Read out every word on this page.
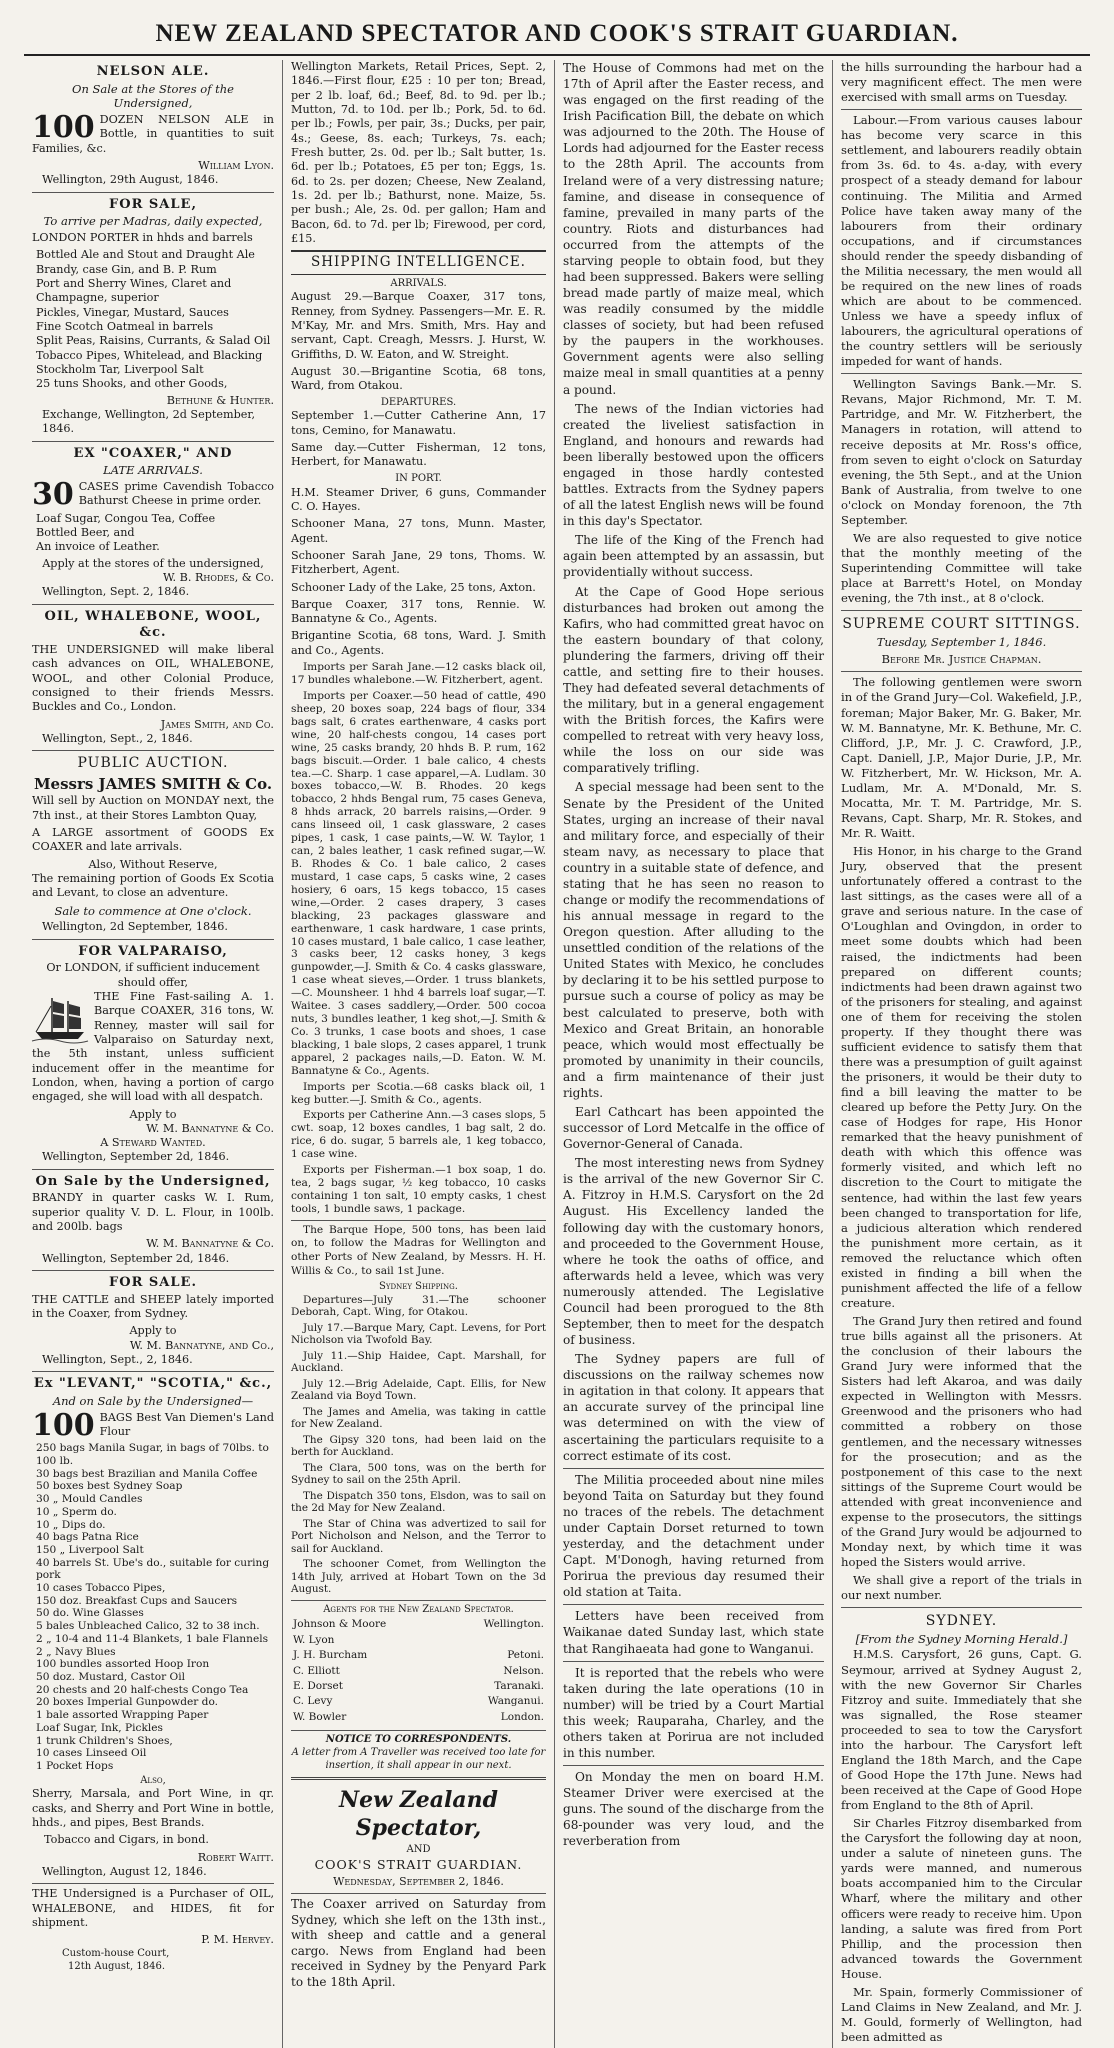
NEW ZEALAND SPECTATOR AND COOK'S STRAIT GUARDIAN.
NELSON ALE.
On Sale at the Stores of the Undersigned,
100 DOZEN NELSON ALE in Bottle, in quantities to suit Families, &c.

William Lyon.
Wellington, 29th August, 1846.
FOR SALE,
To arrive per Madras, daily expected,

LONDON PORTER in hhds and barrels

Bottled Ale and Stout and Draught Ale
Brandy, case Gin, and B. P. Rum
Port and Sherry Wines, Claret and Champagne, superior
Pickles, Vinegar, Mustard, Sauces
Fine Scotch Oatmeal in barrels
Split Peas, Raisins, Currants, & Salad Oil
Tobacco Pipes, Whitelead, and Blacking
Stockholm Tar, Liverpool Salt
25 tuns Shooks, and other Goods,
Bethune & Hunter.
Exchange, Wellington, 2d September, 1846.
EX "COAXER," AND
LATE ARRIVALS.
30 CASES prime Cavendish Tobacco Bathurst Cheese in prime order.

Loaf Sugar, Congou Tea, Coffee
Bottled Beer, and
An invoice of Leather.
Apply at the stores of the undersigned,
W. B. Rhodes, & Co.
Wellington, Sept. 2, 1846.
OIL, WHALEBONE, WOOL, &c.

THE UNDERSIGNED will make liberal cash advances on OIL, WHALEBONE, WOOL, and other Colonial Produce, consigned to their friends Messrs. Buckles and Co., London.

James Smith, and Co.
Wellington, Sept., 2, 1846.
PUBLIC AUCTION.
Messrs JAMES SMITH & Co.

Will sell by Auction on MONDAY next, the 7th inst., at their Stores Lambton Quay,

A LARGE assortment of GOODS Ex COAXER and late arrivals.

Also, Without Reserve,

The remaining portion of Goods Ex Scotia and Levant, to close an adventure.

Sale to commence at One o'clock.
Wellington, 2d September, 1846.
FOR VALPARAISO,
Or LONDON, if sufficient inducement should offer,

THE Fine Fast-sailing A. 1. Barque COAXER, 316 tons, W. Renney, master will sail for Valparaiso on Saturday next, the 5th instant, unless sufficient inducement offer in the meantime for London, when, having a portion of cargo engaged, she will load with all despatch.

Apply to
W. M. Bannatyne & Co.
A Steward Wanted.
Wellington, September 2d, 1846.
On Sale by the Undersigned,

BRANDY in quarter casks W. I. Rum, superior quality V. D. L. Flour, in 100lb. and 200lb. bags

W. M. Bannatyne & Co.
Wellington, September 2d, 1846.
FOR SALE.

THE CATTLE and SHEEP lately imported in the Coaxer, from Sydney.

Apply to
W. M. Bannatyne, and Co.,
Wellington, Sept., 2, 1846.
Ex "LEVANT," "SCOTIA," &c.,
And on Sale by the Undersigned—
100 BAGS Best Van Diemen's Land Flour

250 bags Manila Sugar, in bags of 70lbs. to 100 lb.
30 bags best Brazilian and Manila Coffee
50 boxes best Sydney Soap
30 „ Mould Candles
10 „ Sperm do.
10 „ Dips do.
40 bags Patna Rice
150 „ Liverpool Salt
40 barrels St. Ube's do., suitable for curing pork
10 cases Tobacco Pipes,
150 doz. Breakfast Cups and Saucers
50 do. Wine Glasses
5 bales Unbleached Calico, 32 to 38 inch.
2 „ 10-4 and 11-4 Blankets, 1 bale Flannels
2 „ Navy Blues
100 bundles assorted Hoop Iron
50 doz. Mustard, Castor Oil
20 chests and 20 half-chests Congo Tea
20 boxes Imperial Gunpowder do.
1 bale assorted Wrapping Paper
Loaf Sugar, Ink, Pickles
1 trunk Children's Shoes,
10 cases Linseed Oil
1 Pocket Hops
Also,

Sherry, Marsala, and Port Wine, in qr. casks, and Sherry and Port Wine in bottle, hhds., and pipes, Best Brands.

Tobacco and Cigars, in bond.

Robert Waitt.
Wellington, August 12, 1846.

THE Undersigned is a Purchaser of OIL, WHALEBONE, and HIDES, fit for shipment.

P. M. Hervey.
Custom-house Court,
12th August, 1846.

Wellington Markets, Retail Prices, Sept. 2, 1846.—First flour, £25 : 10 per ton; Bread, per 2 lb. loaf, 6d.; Beef, 8d. to 9d. per lb.; Mutton, 7d. to 10d. per lb.; Pork, 5d. to 6d. per lb.; Fowls, per pair, 3s.; Ducks, per pair, 4s.; Geese, 8s. each; Turkeys, 7s. each; Fresh butter, 2s. 0d. per lb.; Salt butter, 1s. 6d. per lb.; Potatoes, £5 per ton; Eggs, 1s. 6d. to 2s. per dozen; Cheese, New Zealand, 1s. 2d. per lb.; Bathurst, none. Maize, 5s. per bush.; Ale, 2s. 0d. per gallon; Ham and Bacon, 6d. to 7d. per lb; Firewood, per cord, £15.

SHIPPING INTELLIGENCE.
ARRIVALS.

August 29.—Barque Coaxer, 317 tons, Renney, from Sydney. Passengers—Mr. E. R. M'Kay, Mr. and Mrs. Smith, Mrs. Hay and servant, Capt. Creagh, Messrs. J. Hurst, W. Griffiths, D. W. Eaton, and W. Streight.

August 30.—Brigantine Scotia, 68 tons, Ward, from Otakou.

DEPARTURES.

September 1.—Cutter Catherine Ann, 17 tons, Cemino, for Manawatu.

Same day.—Cutter Fisherman, 12 tons, Herbert, for Manawatu.

IN PORT.

H.M. Steamer Driver, 6 guns, Commander C. O. Hayes.

Schooner Mana, 27 tons, Munn. Master, Agent.

Schooner Sarah Jane, 29 tons, Thoms. W. Fitzherbert, Agent.

Schooner Lady of the Lake, 25 tons, Axton.

Barque Coaxer, 317 tons, Rennie. W. Bannatyne & Co., Agents.

Brigantine Scotia, 68 tons, Ward. J. Smith and Co., Agents.

Imports per Sarah Jane.—12 casks black oil, 17 bundles whalebone.—W. Fitzherbert, agent.

Imports per Coaxer.—50 head of cattle, 490 sheep, 20 boxes soap, 224 bags of flour, 334 bags salt, 6 crates earthenware, 4 casks port wine, 20 half-chests congou, 14 cases port wine, 25 casks brandy, 20 hhds B. P. rum, 162 bags biscuit.—Order. 1 bale calico, 4 chests tea.—C. Sharp. 1 case apparel,—A. Ludlam. 30 boxes tobacco,—W. B. Rhodes. 20 kegs tobacco, 2 hhds Bengal rum, 75 cases Geneva, 8 hhds arrack, 20 barrels raisins,—Order. 9 cans linseed oil, 1 cask glassware, 2 cases pipes, 1 cask, 1 case paints,—W. W. Taylor, 1 can, 2 bales leather, 1 cask refined sugar,—W. B. Rhodes & Co. 1 bale calico, 2 cases mustard, 1 case caps, 5 casks wine, 2 cases hosiery, 6 oars, 15 kegs tobacco, 15 cases wine,—Order. 2 cases drapery, 3 cases blacking, 23 packages glassware and earthenware, 1 cask hardware, 1 case prints, 10 cases mustard, 1 bale calico, 1 case leather, 3 casks beer, 12 casks honey, 3 kegs gunpowder,—J. Smith & Co. 4 casks glassware, 1 case wheat sieves,—Order. 1 truss blankets,—C. Mounsheer. 1 hhd 4 barrels loaf sugar,—T. Waitee. 3 cases saddlery,—Order. 500 cocoa nuts, 3 bundles leather, 1 keg shot,—J. Smith & Co. 3 trunks, 1 case boots and shoes, 1 case blacking, 1 bale slops, 2 cases apparel, 1 trunk apparel, 2 packages nails,—D. Eaton. W. M. Bannatyne & Co., Agents.

Imports per Scotia.—68 casks black oil, 1 keg butter.—J. Smith & Co., agents.

Exports per Catherine Ann.—3 cases slops, 5 cwt. soap, 12 boxes candles, 1 bag salt, 2 do. rice, 6 do. sugar, 5 barrels ale, 1 keg tobacco, 1 case wine.

Exports per Fisherman.—1 box soap, 1 do. tea, 2 bags sugar, ½ keg tobacco, 10 casks containing 1 ton salt, 10 empty casks, 1 chest tools, 1 bundle saws, 1 package.

The Barque Hope, 500 tons, has been laid on, to follow the Madras for Wellington and other Ports of New Zealand, by Messrs. H. H. Willis & Co., to sail 1st June.

Sydney Shipping.

Departures—July 31.—The schooner Deborah, Capt. Wing, for Otakou.

July 17.—Barque Mary, Capt. Levens, for Port Nicholson via Twofold Bay.

July 11.—Ship Haidee, Capt. Marshall, for Auckland.

July 12.—Brig Adelaide, Capt. Ellis, for New Zealand via Boyd Town.

The James and Amelia, was taking in cattle for New Zealand.

The Gipsy 320 tons, had been laid on the berth for Auckland.

The Clara, 500 tons, was on the berth for Sydney to sail on the 25th April.

The Dispatch 350 tons, Elsdon, was to sail on the 2d May for New Zealand.

The Star of China was advertized to sail for Port Nicholson and Nelson, and the Terror to sail for Auckland.

The schooner Comet, from Wellington the 14th July, arrived at Hobart Town on the 3d August.

Agents for the New Zealand Spectator.
Johnson & Moore	Wellington.
W. Lyon	
J. H. Burcham	Petoni.
C. Elliott	Nelson.
E. Dorset	Taranaki.
C. Levy	Wanganui.
W. Bowler	London.
NOTICE TO CORRESPONDENTS.
A letter from A Traveller was received too late for insertion, it shall appear in our next.
New Zealand Spectator,
AND
COOK'S STRAIT GUARDIAN.
Wednesday, September 2, 1846.

The Coaxer arrived on Saturday from Sydney, which she left on the 13th inst., with sheep and cattle and a general cargo. News from England had been received in Sydney by the Penyard Park to the 18th April.

The House of Commons had met on the 17th of April after the Easter recess, and was engaged on the first reading of the Irish Pacification Bill, the debate on which was adjourned to the 20th. The House of Lords had adjourned for the Easter recess to the 28th April. The accounts from Ireland were of a very distressing nature; famine, and disease in consequence of famine, prevailed in many parts of the country. Riots and disturbances had occurred from the attempts of the starving people to obtain food, but they had been suppressed. Bakers were selling bread made partly of maize meal, which was readily consumed by the middle classes of society, but had been refused by the paupers in the workhouses. Government agents were also selling maize meal in small quantities at a penny a pound.

The news of the Indian victories had created the liveliest satisfaction in England, and honours and rewards had been liberally bestowed upon the officers engaged in those hardly contested battles. Extracts from the Sydney papers of all the latest English news will be found in this day's Spectator.

The life of the King of the French had again been attempted by an assassin, but providentially without success.

At the Cape of Good Hope serious disturbances had broken out among the Kafirs, who had committed great havoc on the eastern boundary of that colony, plundering the farmers, driving off their cattle, and setting fire to their houses. They had defeated several detachments of the military, but in a general engagement with the British forces, the Kafirs were compelled to retreat with very heavy loss, while the loss on our side was comparatively trifling.

A special message had been sent to the Senate by the President of the United States, urging an increase of their naval and military force, and especially of their steam navy, as necessary to place that country in a suitable state of defence, and stating that he has seen no reason to change or modify the recommendations of his annual message in regard to the Oregon question. After alluding to the unsettled condition of the relations of the United States with Mexico, he concludes by declaring it to be his settled purpose to pursue such a course of policy as may be best calculated to preserve, both with Mexico and Great Britain, an honorable peace, which would most effectually be promoted by unanimity in their councils, and a firm maintenance of their just rights.

Earl Cathcart has been appointed the successor of Lord Metcalfe in the office of Governor-General of Canada.

The most interesting news from Sydney is the arrival of the new Governor Sir C. A. Fitzroy in H.M.S. Carysfort on the 2d August. His Excellency landed the following day with the customary honors, and proceeded to the Government House, where he took the oaths of office, and afterwards held a levee, which was very numerously attended. The Legislative Council had been prorogued to the 8th September, then to meet for the despatch of business.

The Sydney papers are full of discussions on the railway schemes now in agitation in that colony. It appears that an accurate survey of the principal line was determined on with the view of ascertaining the particulars requisite to a correct estimate of its cost.

The Militia proceeded about nine miles beyond Taita on Saturday but they found no traces of the rebels. The detachment under Captain Dorset returned to town yesterday, and the detachment under Capt. M'Donogh, having returned from Porirua the previous day resumed their old station at Taita.

Letters have been received from Waikanae dated Sunday last, which state that Rangihaeata had gone to Wanganui.

It is reported that the rebels who were taken during the late operations (10 in number) will be tried by a Court Martial this week; Rauparaha, Charley, and the others taken at Porirua are not included in this number.

On Monday the men on board H.M. Steamer Driver were exercised at the guns. The sound of the discharge from the 68-pounder was very loud, and the reverberation from

the hills surrounding the harbour had a very magnificent effect. The men were exercised with small arms on Tuesday.

Labour.—From various causes labour has become very scarce in this settlement, and labourers readily obtain from 3s. 6d. to 4s. a-day, with every prospect of a steady demand for labour continuing. The Militia and Armed Police have taken away many of the labourers from their ordinary occupations, and if circumstances should render the speedy disbanding of the Militia necessary, the men would all be required on the new lines of roads which are about to be commenced. Unless we have a speedy influx of labourers, the agricultural operations of the country settlers will be seriously impeded for want of hands.

Wellington Savings Bank.—Mr. S. Revans, Major Richmond, Mr. T. M. Partridge, and Mr. W. Fitzherbert, the Managers in rotation, will attend to receive deposits at Mr. Ross's office, from seven to eight o'clock on Saturday evening, the 5th Sept., and at the Union Bank of Australia, from twelve to one o'clock on Monday forenoon, the 7th September.

We are also requested to give notice that the monthly meeting of the Superintending Committee will take place at Barrett's Hotel, on Monday evening, the 7th inst., at 8 o'clock.

SUPREME COURT SITTINGS.
Tuesday, September 1, 1846.
Before Mr. Justice Chapman.

The following gentlemen were sworn in of the Grand Jury—Col. Wakefield, J.P., foreman; Major Baker, Mr. G. Baker, Mr. W. M. Bannatyne, Mr. K. Bethune, Mr. C. Clifford, J.P., Mr. J. C. Crawford, J.P., Capt. Daniell, J.P., Major Durie, J.P., Mr. W. Fitzherbert, Mr. W. Hickson, Mr. A. Ludlam, Mr. A. M'Donald, Mr. S. Mocatta, Mr. T. M. Partridge, Mr. S. Revans, Capt. Sharp, Mr. R. Stokes, and Mr. R. Waitt.

His Honor, in his charge to the Grand Jury, observed that the present unfortunately offered a contrast to the last sittings, as the cases were all of a grave and serious nature. In the case of O'Loughlan and Ovingdon, in order to meet some doubts which had been raised, the indictments had been prepared on different counts; indictments had been drawn against two of the prisoners for stealing, and against one of them for receiving the stolen property. If they thought there was sufficient evidence to satisfy them that there was a presumption of guilt against the prisoners, it would be their duty to find a bill leaving the matter to be cleared up before the Petty Jury. On the case of Hodges for rape, His Honor remarked that the heavy punishment of death with which this offence was formerly visited, and which left no discretion to the Court to mitigate the sentence, had within the last few years been changed to transportation for life, a judicious alteration which rendered the punishment more certain, as it removed the reluctance which often existed in finding a bill when the punishment affected the life of a fellow creature.

The Grand Jury then retired and found true bills against all the prisoners. At the conclusion of their labours the Grand Jury were informed that the Sisters had left Akaroa, and was daily expected in Wellington with Messrs. Greenwood and the prisoners who had committed a robbery on those gentlemen, and the necessary witnesses for the prosecution; and as the postponement of this case to the next sittings of the Supreme Court would be attended with great inconvenience and expense to the prosecutors, the sittings of the Grand Jury would be adjourned to Monday next, by which time it was hoped the Sisters would arrive.

We shall give a report of the trials in our next number.

SYDNEY.
[From the Sydney Morning Herald.]

H.M.S. Carysfort, 26 guns, Capt. G. Seymour, arrived at Sydney August 2, with the new Governor Sir Charles Fitzroy and suite. Immediately that she was signalled, the Rose steamer proceeded to sea to tow the Carysfort into the harbour. The Carysfort left England the 18th March, and the Cape of Good Hope the 17th June. News had been received at the Cape of Good Hope from England to the 8th of April.

Sir Charles Fitzroy disembarked from the Carysfort the following day at noon, under a salute of nineteen guns. The yards were manned, and numerous boats accompanied him to the Circular Wharf, where the military and other officers were ready to receive him. Upon landing, a salute was fired from Port Phillip, and the procession then advanced towards the Government House.

Mr. Spain, formerly Commissioner of Land Claims in New Zealand, and Mr. J. M. Gould, formerly of Wellington, had been admitted as
